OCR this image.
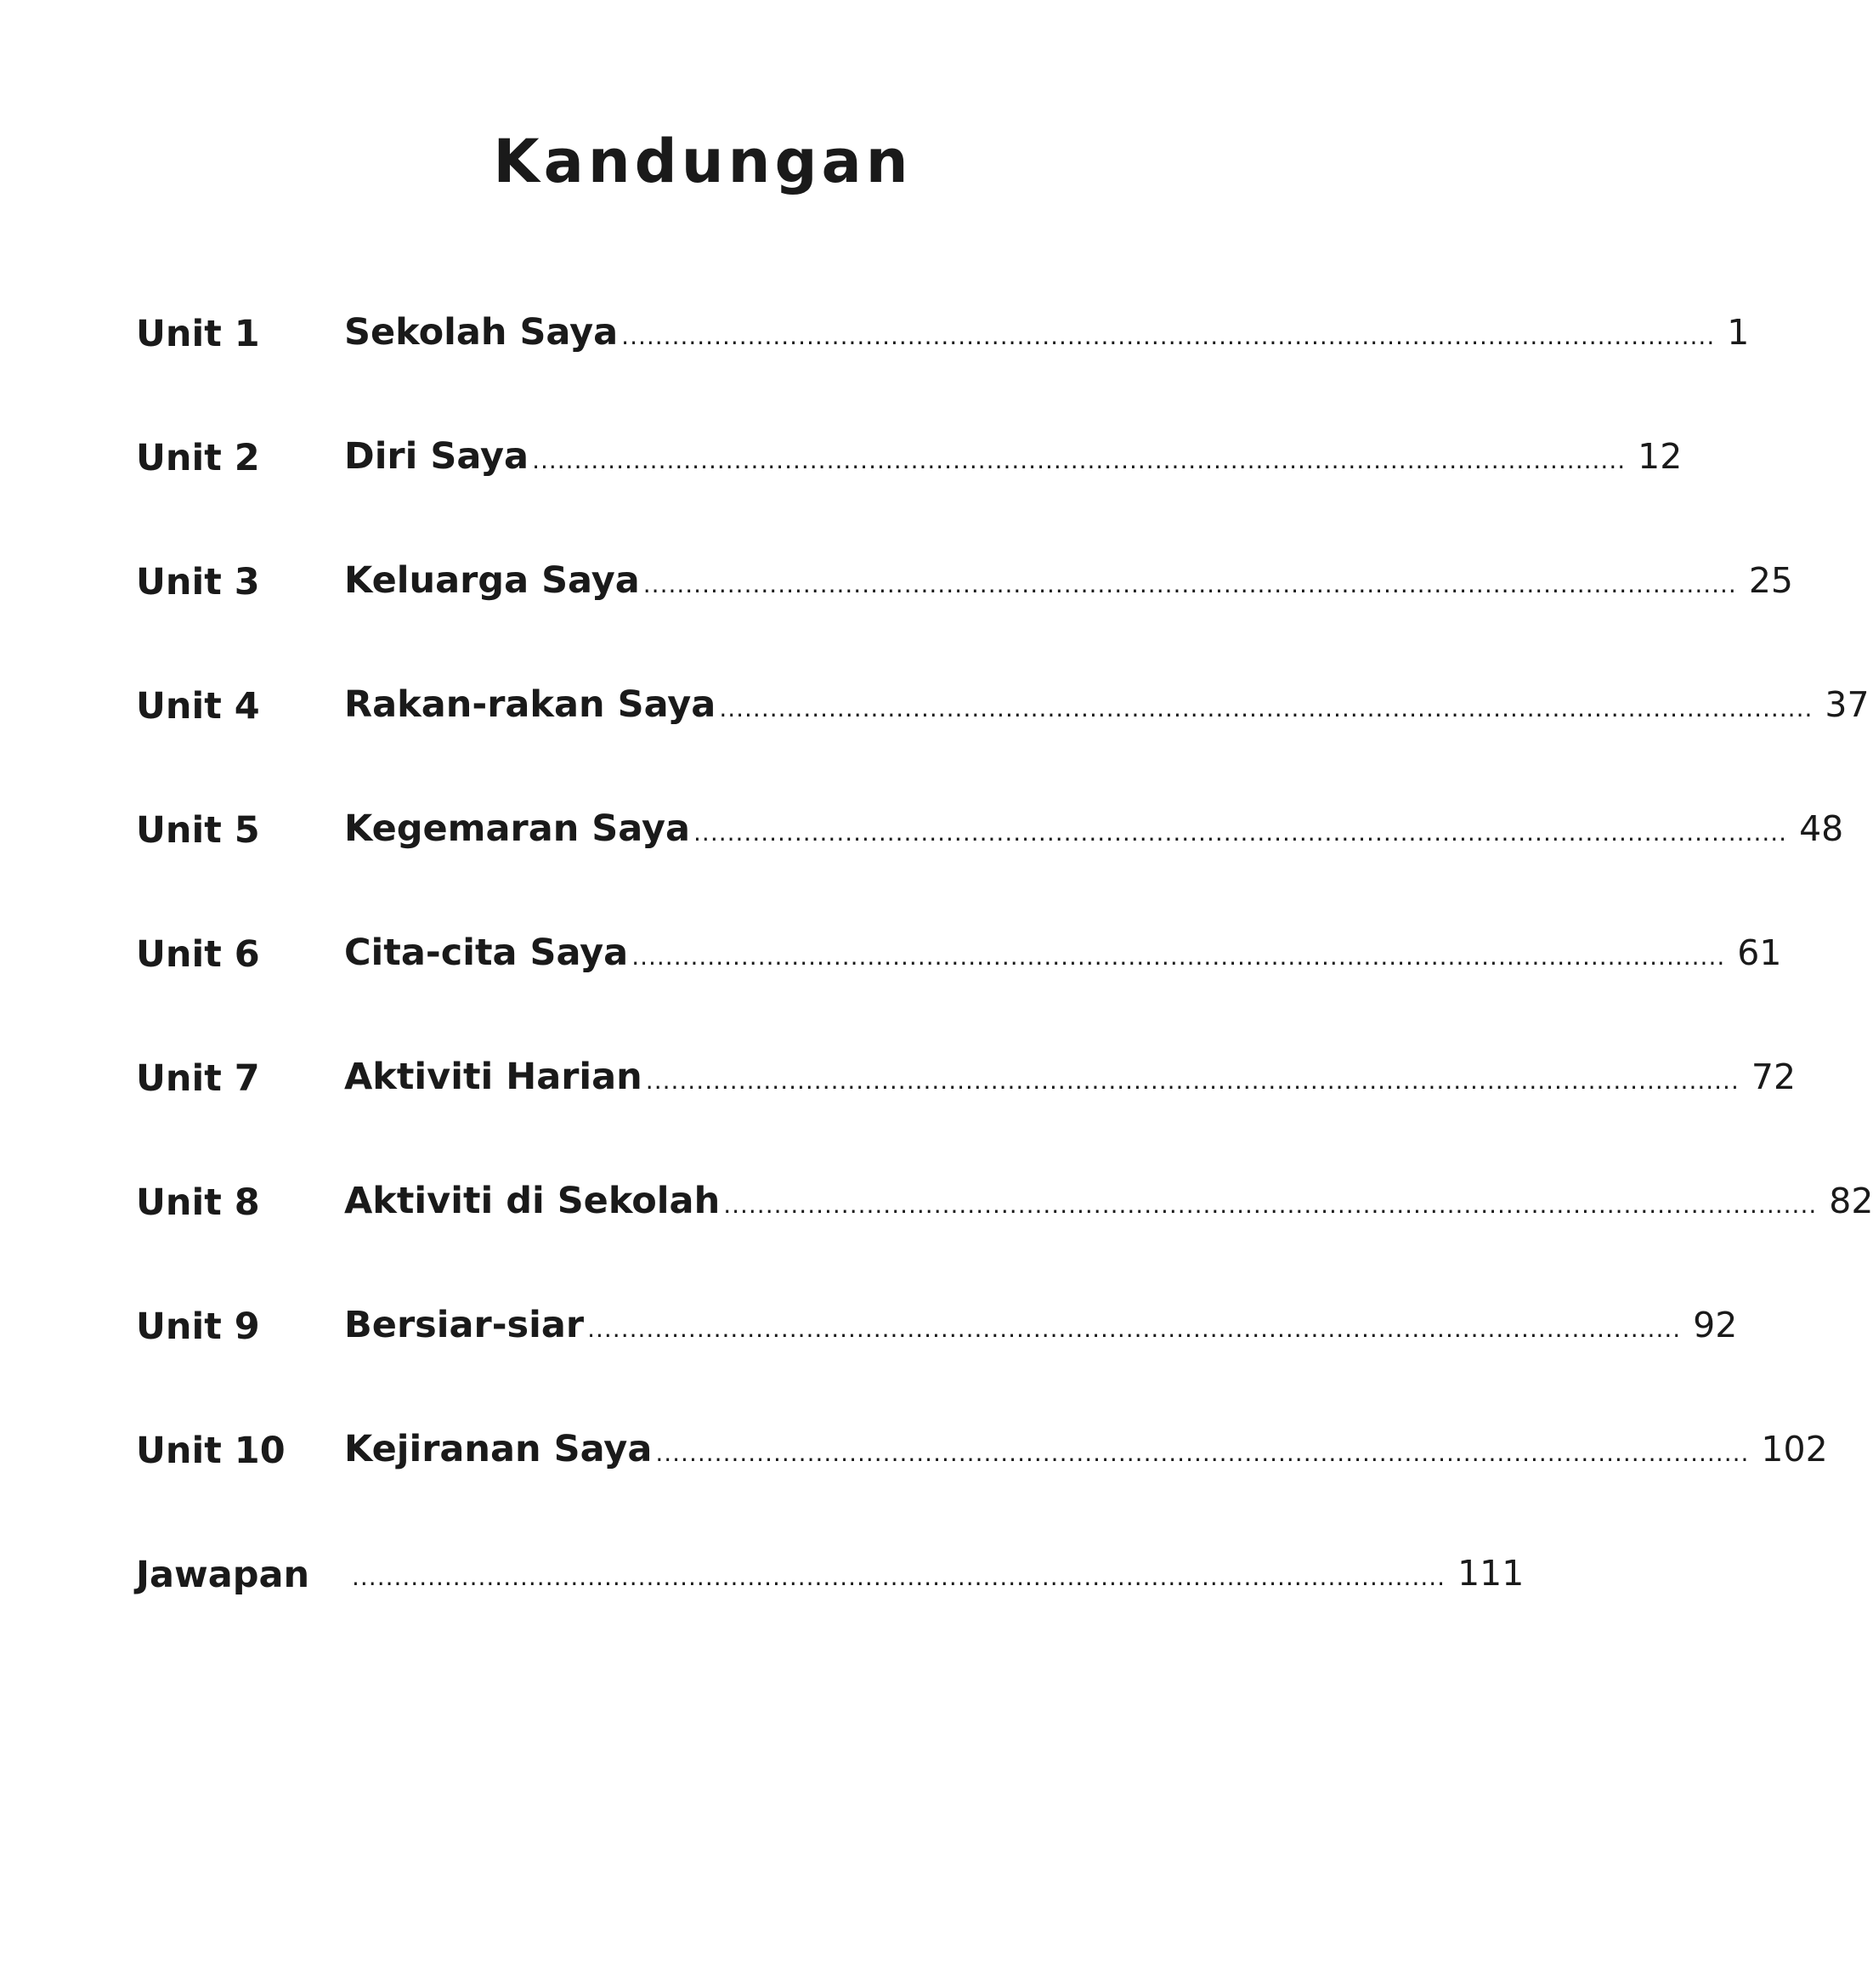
Kandungan
Unit 1	Sekolah Saya .................................................................................................................................. 1
Unit 2	Diri Saya .................................................................................................................................. 12
Unit 3	Keluarga Saya .................................................................................................................................. 25
Unit 4	Rakan-rakan Saya .................................................................................................................................. 37
Unit 5	Kegemaran Saya .................................................................................................................................. 48
Unit 6	Cita-cita Saya .................................................................................................................................. 61
Unit 7	Aktiviti Harian .................................................................................................................................. 72
Unit 8	Aktiviti di Sekolah .................................................................................................................................. 82
Unit 9	Bersiar-siar .................................................................................................................................. 92
Unit 10	Kejiranan Saya .................................................................................................................................. 102
Jawapan	.................................................................................................................................. 111
